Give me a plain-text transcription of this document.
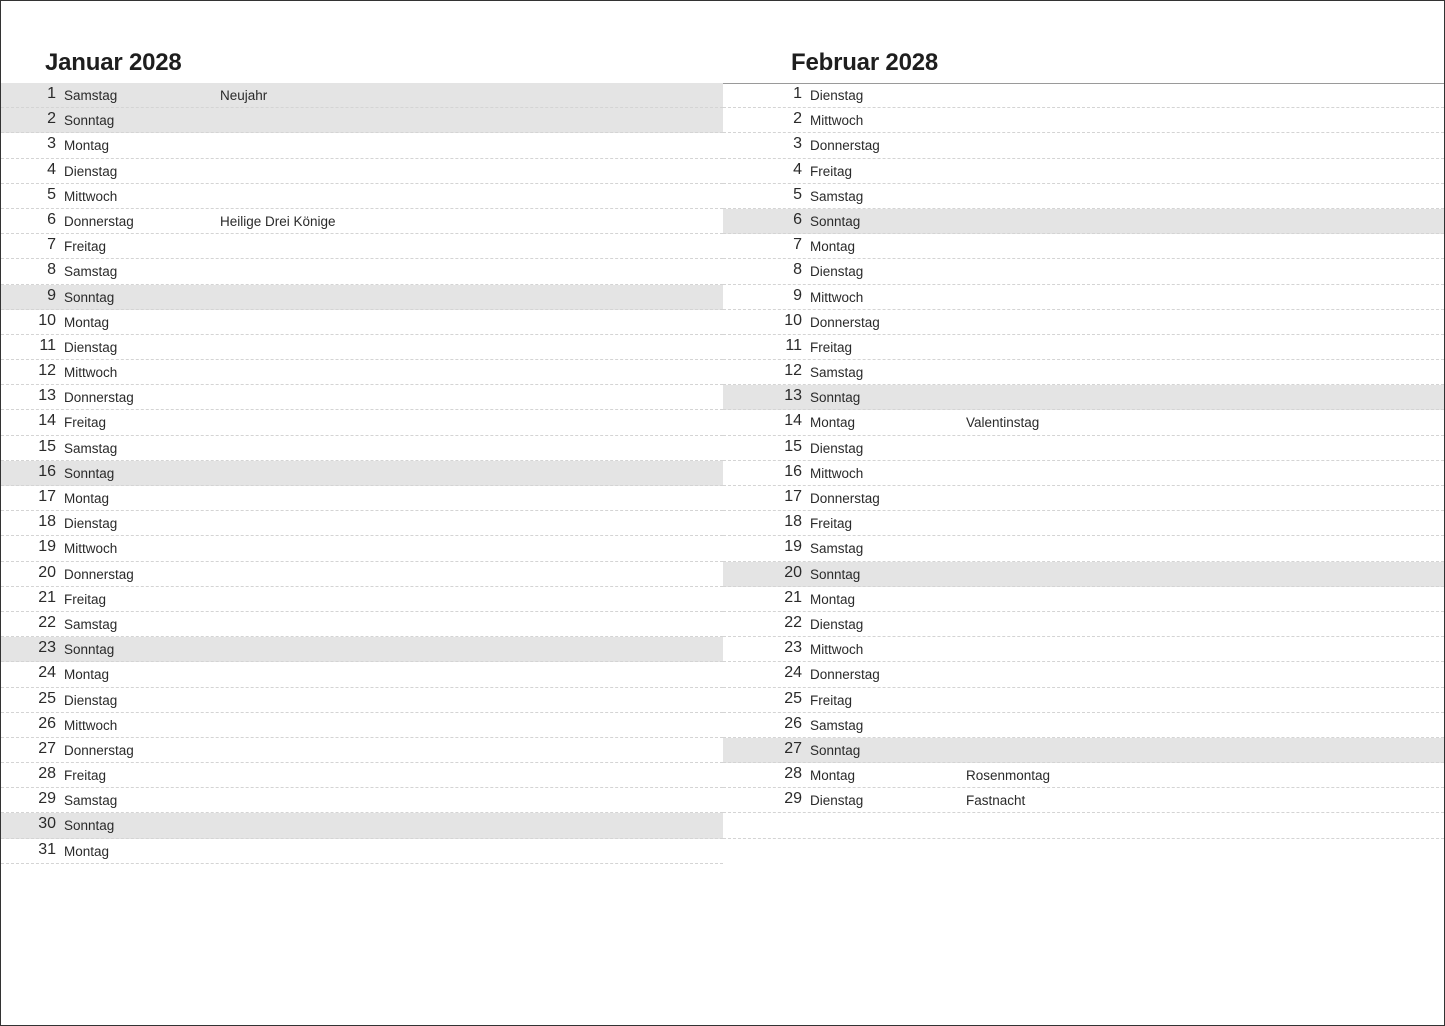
Januar 2028	Februar 2028
1 Samstag	Neujahr
2 Sonntag
3 Montag
4 Dienstag
5 Mittwoch
6 Donnerstag	Heilige Drei Könige
7 Freitag
8 Samstag
9 Sonntag
10 Montag
11 Dienstag
12 Mittwoch
13 Donnerstag
14 Freitag
15 Samstag
16 Sonntag
17 Montag
18 Dienstag
19 Mittwoch
20 Donnerstag
21 Freitag
22 Samstag
23 Sonntag
24 Montag
25 Dienstag
26 Mittwoch
27 Donnerstag
28 Freitag
29 Samstag
30 Sonntag
31 Montag
1 Dienstag
2 Mittwoch
3 Donnerstag
4 Freitag
5 Samstag
6 Sonntag
7 Montag
8 Dienstag
9 Mittwoch
10 Donnerstag
11 Freitag
12 Samstag
13 Sonntag
14 Montag	Valentinstag
15 Dienstag
16 Mittwoch
17 Donnerstag
18 Freitag
19 Samstag
20 Sonntag
21 Montag
22 Dienstag
23 Mittwoch
24 Donnerstag
25 Freitag
26 Samstag
27 Sonntag
28 Montag	Rosenmontag
29 Dienstag	Fastnacht
